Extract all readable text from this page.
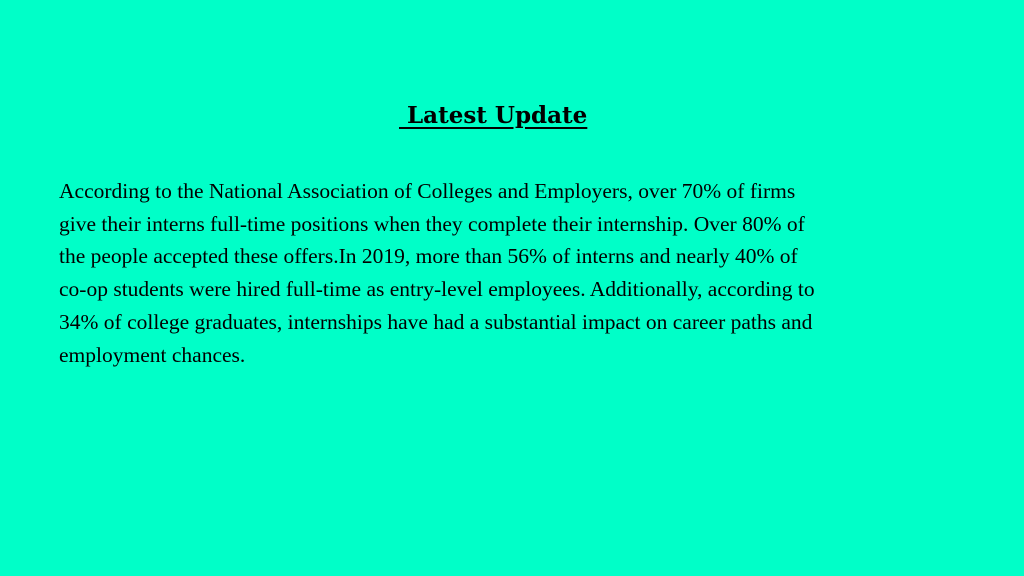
Latest Update

According to the National Association of Colleges and Employers, over 70% of firms
give their interns full-time positions when they complete their internship. Over 80% of
the people accepted these offers.In 2019, more than 56% of interns and nearly 40% of
co-op students were hired full-time as entry-level employees. Additionally, according to
34% of college graduates, internships have had a substantial impact on career paths and
employment chances.
